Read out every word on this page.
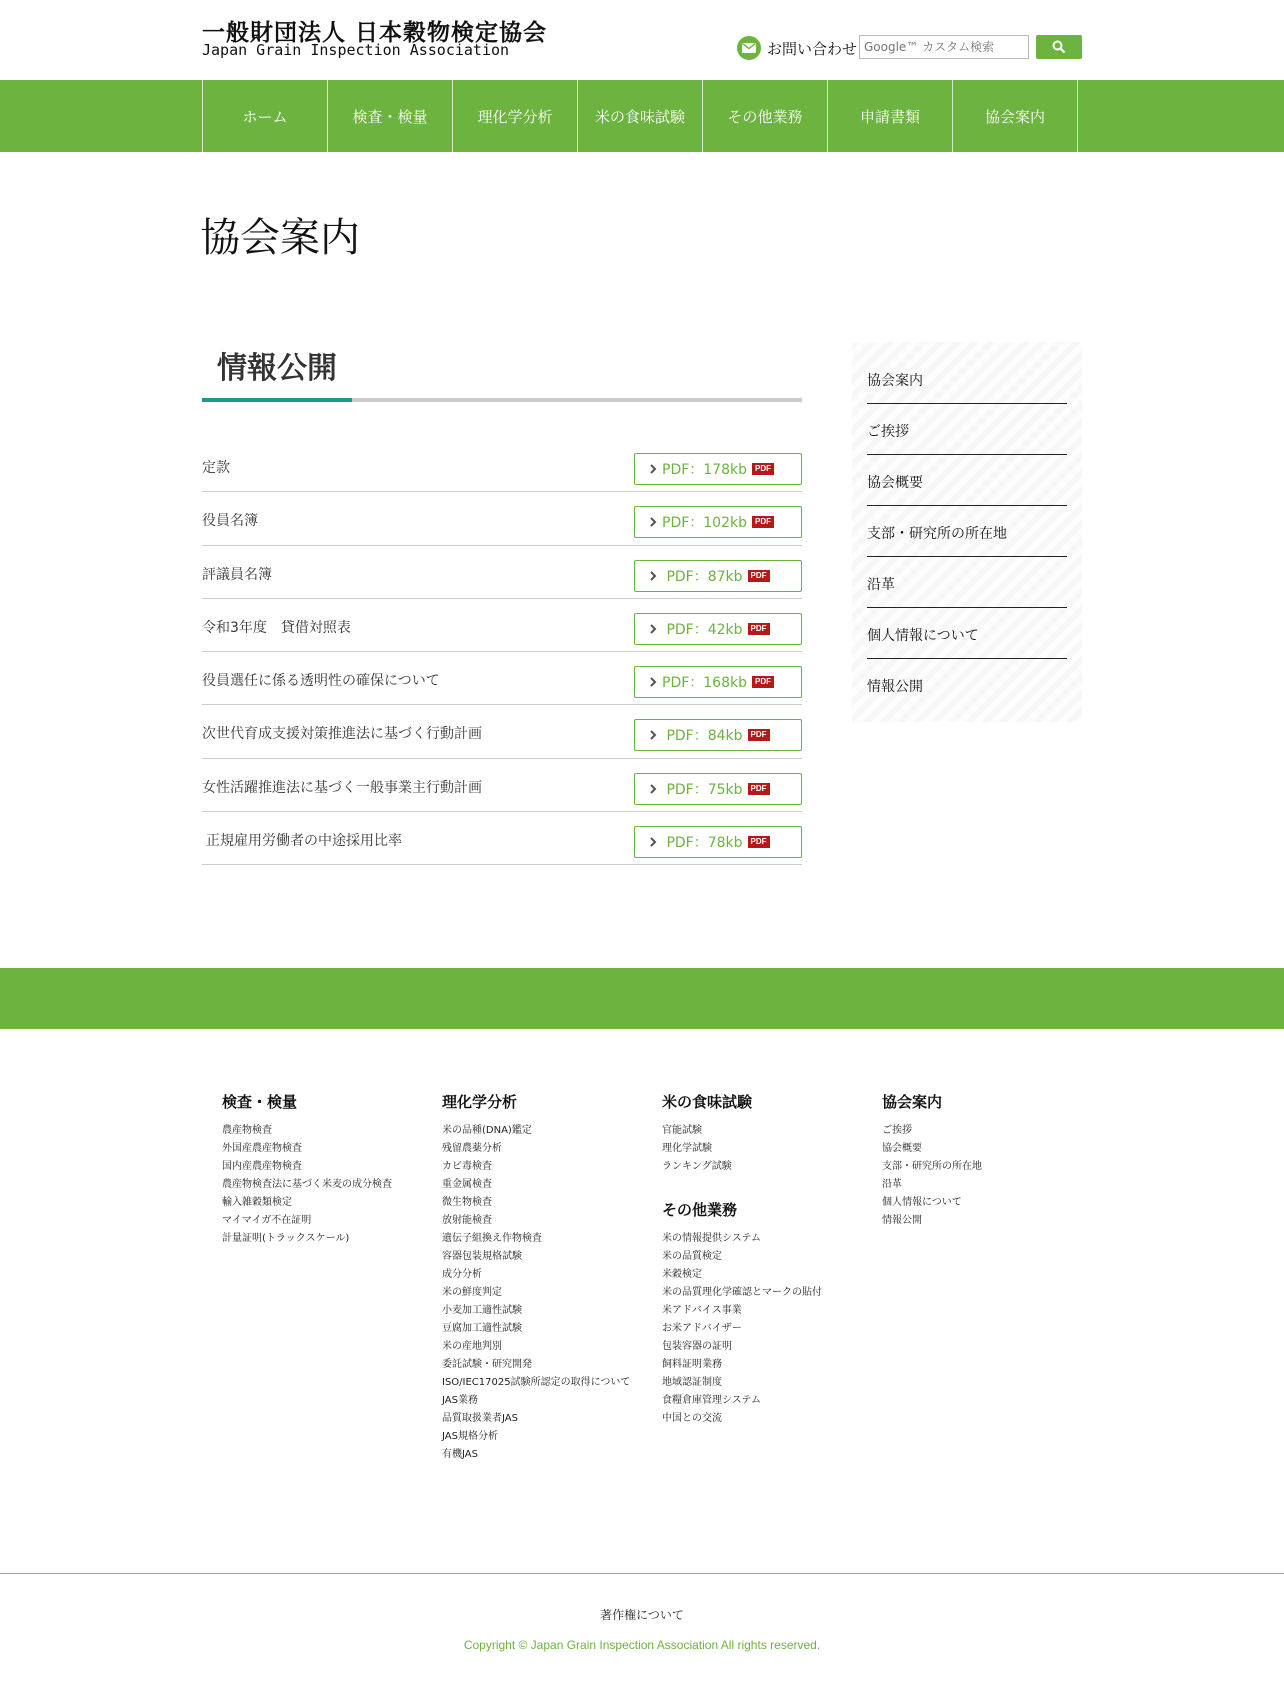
一般財団法人 日本穀物検定協会
Japan Grain Inspection Association	お問い合わせ
Google™ カスタム検索
ホーム	検査・検量	理化学分析	米の食味試験	その他業務	申請書類	協会案内
協会案内
情報公開
定款	PDF：178kb	PDF
役員名簿	PDF：102kb	PDF
評議員名簿	PDF：87kb	PDF
令和3年度　貸借対照表	PDF：42kb	PDF
役員選任に係る透明性の確保について	PDF：168kb	PDF
次世代育成支援対策推進法に基づく行動計画	PDF：84kb	PDF
女性活躍推進法に基づく一般事業主行動計画	PDF：75kb	PDF
正規雇用労働者の中途採用比率	PDF：78kb	PDF
協会案内
ご挨拶
協会概要
支部・研究所の所在地
沿革
個人情報について
情報公開
検査・検量
農産物検査
外国産農産物検査
国内産農産物検査
農産物検査法に基づく米麦の成分検査
輸入雑穀類検定
マイマイガ不在証明
計量証明(トラックスケール)
理化学分析
米の品種(DNA)鑑定
残留農薬分析
カビ毒検査
重金属検査
微生物検査
放射能検査
遺伝子組換え作物検査
容器包装規格試験
成分分析
米の鮮度判定
小麦加工適性試験
豆腐加工適性試験
米の産地判別
委託試験・研究開発
ISO/IEC17025試験所認定の取得について
JAS業務
品質取扱業者JAS
JAS規格分析
有機JAS
米の食味試験
官能試験
理化学試験
ランキング試験
その他業務
米の情報提供システム
米の品質検定
米穀検定
米の品質理化学確認とマークの貼付
米アドバイス事業
お米アドバイザー
包装容器の証明
飼料証明業務
地域認証制度
食糧倉庫管理システム
中国との交流
協会案内
ご挨拶
協会概要
支部・研究所の所在地
沿革
個人情報について
情報公開
著作権について
Copyright © Japan Grain Inspection Association All rights reserved.
